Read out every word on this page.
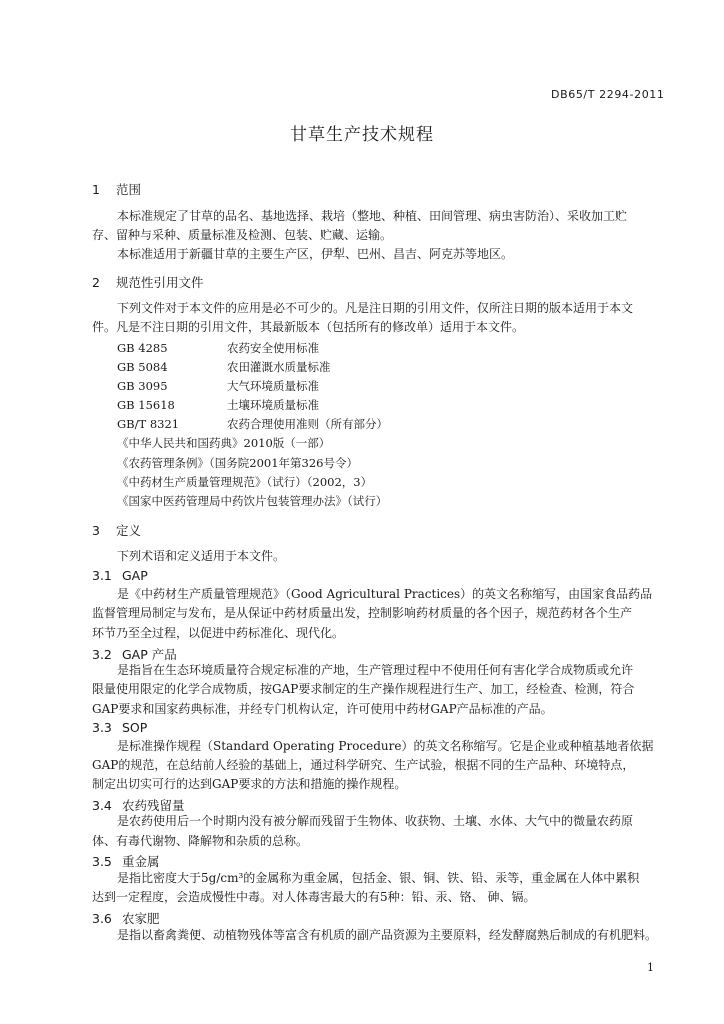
DB65/T 2294-2011
甘草生产技术规程
1 范围
本标准规定了甘草的品名、基地选择、栽培（整地、种植、田间管理、病虫害防治）、采收加工贮
存、留种与采种、质量标准及检测、包装、贮藏、运输。
本标准适用于新疆甘草的主要生产区，伊犁、巴州、昌吉、阿克苏等地区。
2 规范性引用文件
下列文件对于本文件的应用是必不可少的。凡是注日期的引用文件，仅所注日期的版本适用于本文
件。凡是不注日期的引用文件，其最新版本（包括所有的修改单）适用于本文件。
GB 4285	农药安全使用标准
GB 5084	农田灌溉水质量标准
GB 3095	大气环境质量标准
GB 15618	土壤环境质量标准
GB/T 8321	农药合理使用准则（所有部分）
《中华人民共和国药典》2010版（一部）
《农药管理条例》（国务院2001年第326号令）
《中药材生产质量管理规范》（试行）（2002，3）
《国家中医药管理局中药饮片包装管理办法》（试行）
3 定义
下列术语和定义适用于本文件。
3.1 GAP
是《中药材生产质量管理规范》（Good Agricultural Practices）的英文名称缩写，由国家食品药品
监督管理局制定与发布，是从保证中药材质量出发，控制影响药材质量的各个因子，规范药材各个生产
环节乃至全过程，以促进中药标准化、现代化。
3.2 GAP 产品
是指旨在生态环境质量符合规定标准的产地，生产管理过程中不使用任何有害化学合成物质或允许
限量使用限定的化学合成物质，按GAP要求制定的生产操作规程进行生产、加工，经检查、检测，符合
GAP要求和国家药典标准，并经专门机构认定，许可使用中药材GAP产品标准的产品。
3.3 SOP
是标准操作规程（Standard Operating Procedure）的英文名称缩写。它是企业或种植基地者依据
GAP的规范，在总结前人经验的基础上，通过科学研究、生产试验，根据不同的生产品种、环境特点，
制定出切实可行的达到GAP要求的方法和措施的操作规程。
3.4 农药残留量
是农药使用后一个时期内没有被分解而残留于生物体、收获物、土壤、水体、大气中的微量农药原
体、有毒代谢物、降解物和杂质的总称。
3.5 重金属
是指比密度大于5g/cm³的金属称为重金属，包括金、银、铜、铁、铅、汞等，重金属在人体中累积
达到一定程度，会造成慢性中毒。对人体毒害最大的有5种：铅、汞、铬、 砷、镉。
3.6 农家肥
是指以畜禽粪便、动植物残体等富含有机质的副产品资源为主要原料，经发酵腐熟后制成的有机肥料。
1
